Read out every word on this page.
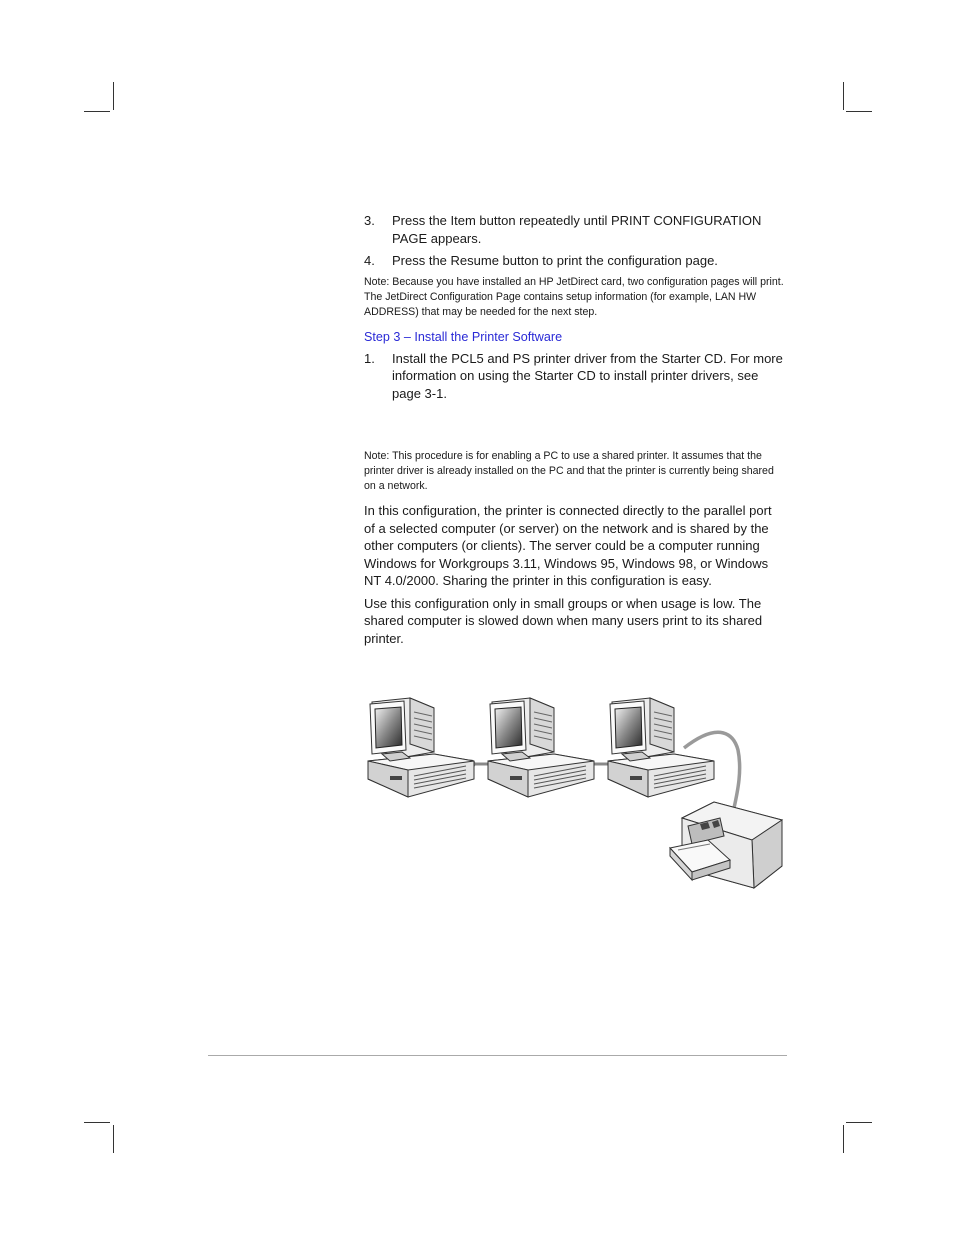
3. Press the Item button repeatedly until PRINT CONFIGURATION PAGE appears.
4. Press the Resume button to print the configuration page.

Note: Because you have installed an HP JetDirect card, two configuration pages will print. The JetDirect Configuration Page contains setup information (for example, LAN HW ADDRESS) that may be needed for the next step.

Step 3 – Install the Printer Software
1. Install the PCL5 and PS printer driver from the Starter CD. For more information on using the Starter CD to install printer drivers, see page 3-1.

Note: This procedure is for enabling a PC to use a shared printer. It assumes that the printer driver is already installed on the PC and that the printer is currently being shared on a network.

In this configuration, the printer is connected directly to the parallel port of a selected computer (or server) on the network and is shared by the other computers (or clients). The server could be a computer running Windows for Workgroups 3.11, Windows 95, Windows 98, or Windows NT 4.0/2000. Sharing the printer in this configuration is easy.

Use this configuration only in small groups or when usage is low. The shared computer is slowed down when many users print to its shared printer.
